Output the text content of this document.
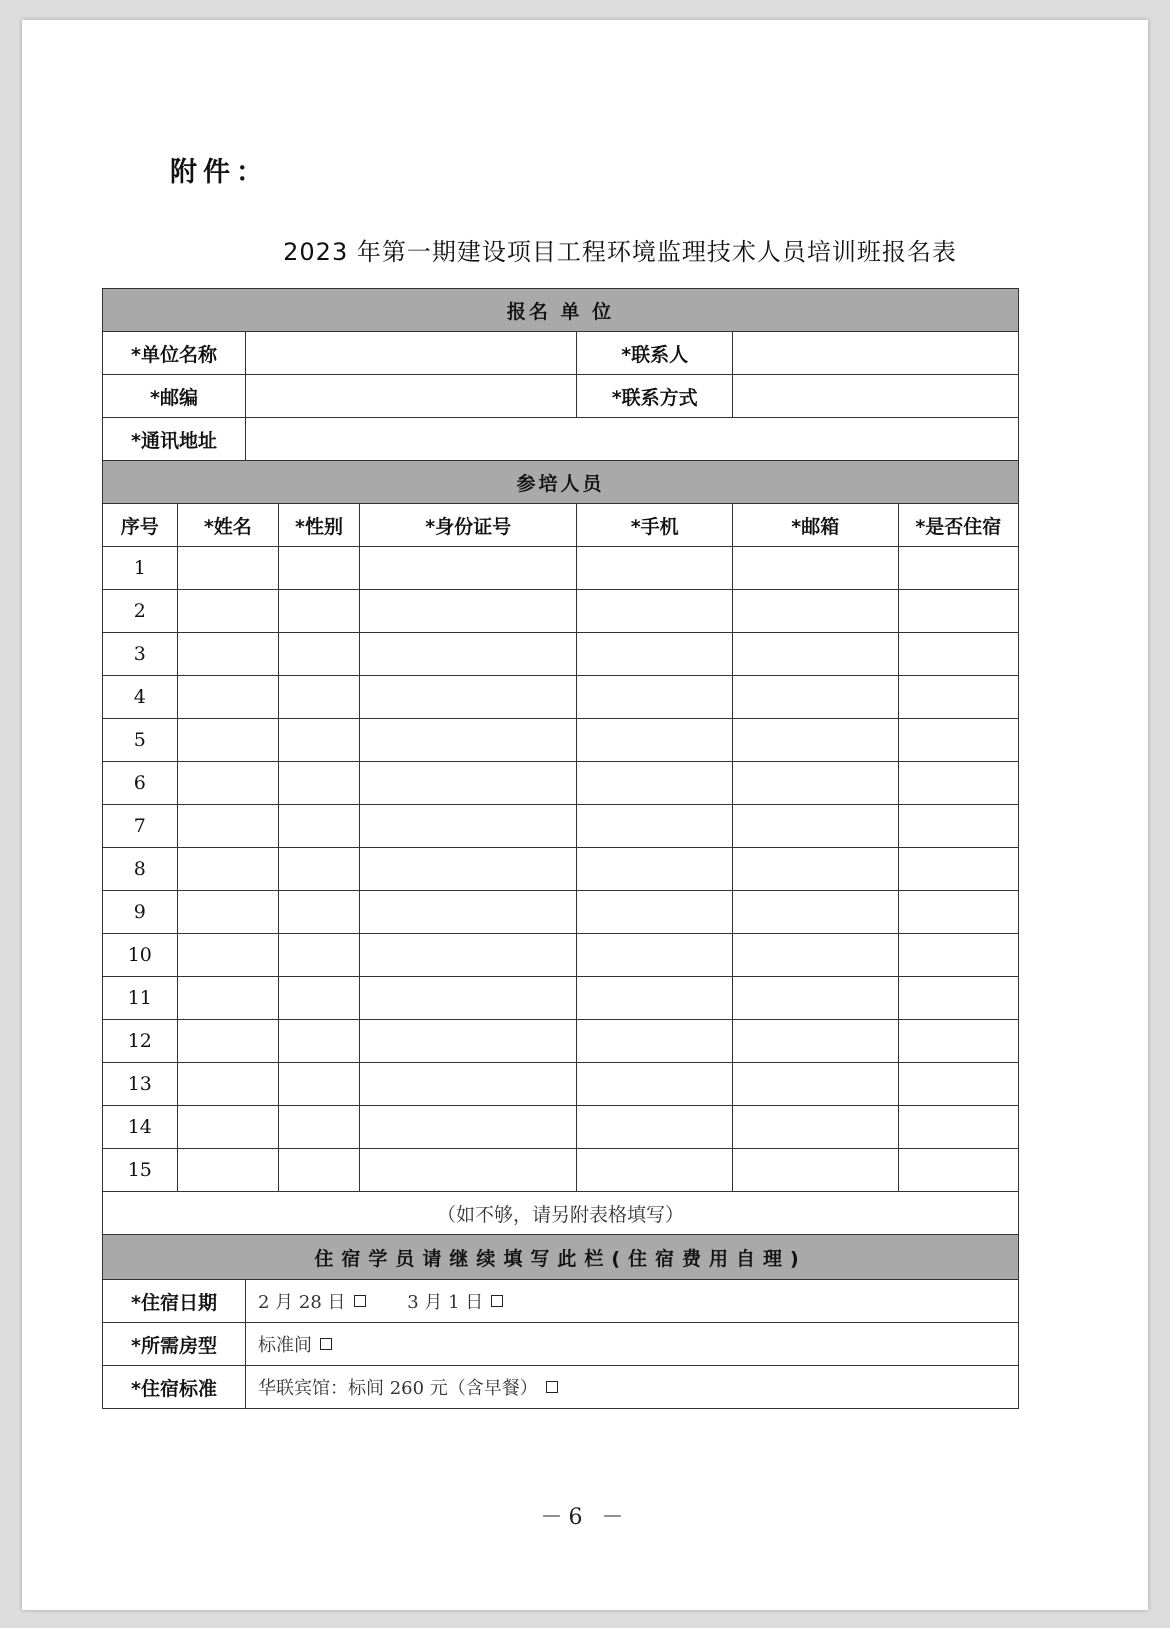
附件：
2023 年第一期建设项目工程环境监理技术人员培训班报名表
报名 单 位							
*单位名称					*联系人		
*邮编					*联系方式		
*通讯地址							
参培人员							
序号	*姓名		*性别	*身份证号	*手机	*邮箱	*是否住宿
1							
2							
3							
4							
5							
6							
7							
8							
9							
10							
11							
12							
13							
14							
15							
（如不够，请另附表格填写）							
住宿学员请继续填写此栏(住宿费用自理)							
*住宿日期		2 月 28 日 3 月 1 日					
*所需房型		标准间					
*住宿标准		华联宾馆：标间 260 元（含早餐）					
－6 －
